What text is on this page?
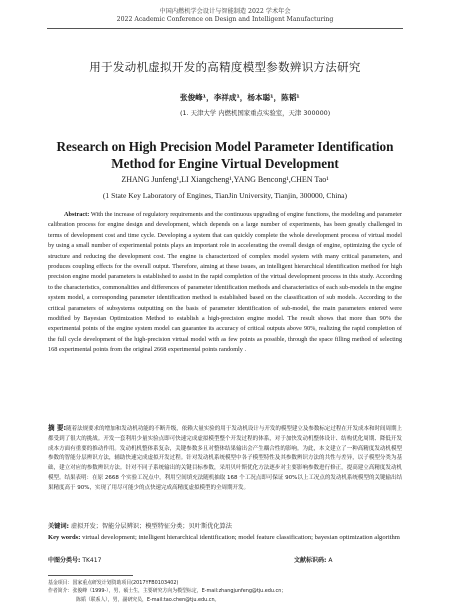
中国内燃机学会设计与智能制造 2022 学术年会
2022 Academic Conference on Design and Intelligent Manufacturing
用于发动机虚拟开发的高精度模型参数辨识方法研究
张俊峰¹，李祥成¹，杨本聪¹，陈韬¹
(1. 天津大学 内燃机国家重点实验室，天津 300000)
Research on High Precision Model Parameter Identification Method for Engine Virtual Development
ZHANG Junfeng¹,LI Xiangcheng¹,YANG Bencong¹,CHEN Tao¹
(1 State Key Laboratory of Engines, TianJin University, Tianjin, 300000, China)
Abstract: With the increase of regulatory requirements and the continuous upgrading of engine functions, the modeling and parameter calibration process for engine design and development, which depends on a large number of experiments, has been greatly challenged in terms of development cost and time cycle. Developing a system that can quickly complete the whole development process of virtual model by using a small number of experimental points plays an important role in accelerating the overall design of engine, optimizing the cycle of structure and reducing the development cost. The engine is characterized of complex model system with many critical parameters, and produces coupling effects for the overall output. Therefore, aiming at these issues, an intelligent hierarchical identification method for high precision engine model parameters is established to assist in the rapid completion of the virtual development process in this study. According to the characteristics, commonalities and differences of parameter identification methods and characteristics of each sub-models in the engine system model, a corresponding parameter identification method is established based on the classification of sub models. According to the critical parameters of subsystems outputting on the basis of parameter identification of sub-model, the main parameters entered were modified by Bayesian Optimization Method to establish a high-precision engine model. The result shows that more than 90% the experimental points of the engine system model can guarantee its accuracy of critical outputs above 90%, realizing the rapid completion of the full cycle development of the high-precision virtual model with as few points as possible, through the space filling method of selecting 168 experimental points from the original 2668 experimental points randomly .
摘 要:随着法规要求的增加和发动机功能的不断升级，依赖大量实验的用于发动机设计与开发的模型建立及参数标定过程在开发成本和时间周期上都受到了很大的挑战。开发一套利用少量实验点即可快速完成虚拟模型整个开发过程的体系，对于加快发动机整体设计、结构优化周期、降低开发成本方面有重要的推动作用。发动机机整体系复杂，关键参数多且对整体结果输出会产生耦合性的影响。为此，本文建立了一种高精度发动机模型参数的智能分层辨识方法，辅助快速完成虚拟开发过程。针对发动机系统模型中各子模型特性及其参数辨识方法的共性与差异，以子模型分类为基础，建立对应的参数辨识方法。针对不同子系统输出的关键目标参数，采用贝叶斯优化方法逐步对主要影响参数进行修正，提高建立高精度发动机模型。结果表明：在原 2668 个实验工况点中，利用空间填充法随机抽取 168 个工况点即可保证 90%以上工况点的发动机系统模型的关键输出结果精度高于 90%，实现了用尽可能少的点快速完成高精度虚拟模型的全周期开发。
关键词: 虚拟开发；智能分层辨识；模型特征分类；贝叶斯优化算法
Key words: virtual development; intelligent hierarchical identification; model feature classification; bayesian optimization algorithm
中图分类号: TK417	文献标识码: A
基金项目：国家重点研发计划资助项目(2017YFB0103402)
作者简介：张俊峰（1999-），男，硕士生，主要研究方向为模型标定，E-mail:zhangjunfeng@tju.edu.cn；
陈韬（联系人），男，副研究员，E-mail:tao.chen@tju.edu.cn。
